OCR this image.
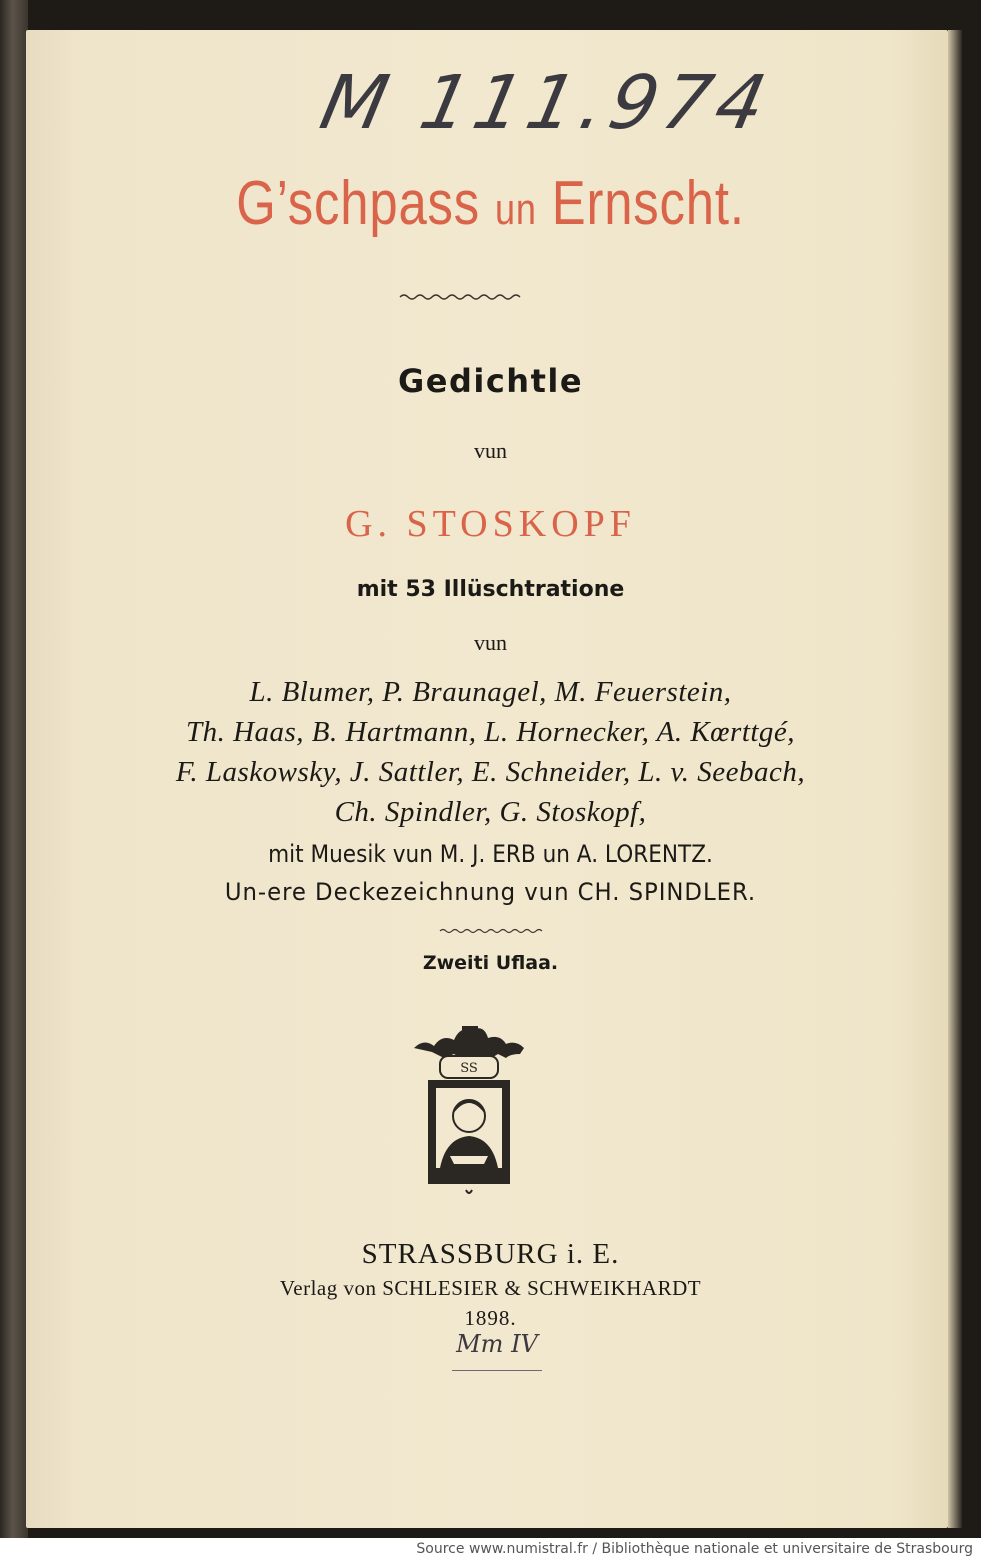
M 111.974
G’schpass un Ernscht.
Gedichtle
vun
G. STOSKOPF
mit 53 Illüschtratione
vun
L. Blumer, P. Braunagel, M. Feuerstein,
Th. Haas, B. Hartmann, L. Hornecker, A. Kœrttgé,
F. Laskowsky, J. Sattler, E. Schneider, L. v. Seebach,
Ch. Spindler, G. Stoskopf,
mit Muesik vun M. J. ERB un A. LORENTZ.
Un-ere Deckezeichnung vun CH. SPINDLER.
Zweiti Uflaa.
SS
STRASSBURG i. E.
Verlag von SCHLESIER & SCHWEIKHARDT
1898.
Mm IV
Source www.numistral.fr / Bibliothèque nationale et universitaire de Strasbourg
